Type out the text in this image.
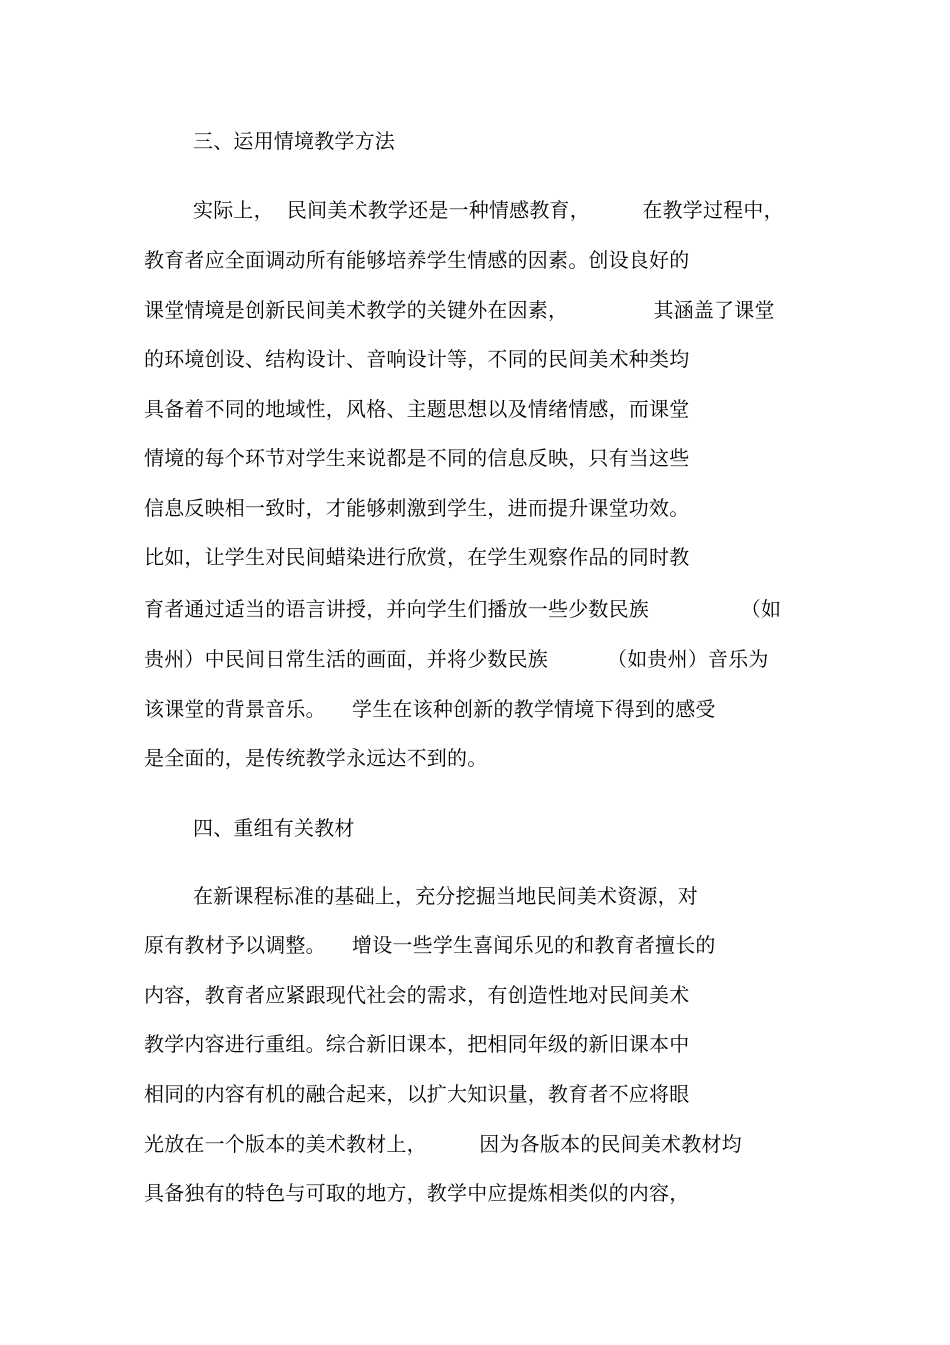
三、运用情境教学方法
实际上，  民间美术教学还是一种情感教育，        在教学过程中，
教育者应全面调动所有能够培养学生情感的因素。创设良好的
课堂情境是创新民间美术教学的关键外在因素，             其涵盖了课堂
的环境创设、结构设计、音响设计等，不同的民间美术种类均
具备着不同的地域性，风格、主题思想以及情绪情感，而课堂
情境的每个环节对学生来说都是不同的信息反映，只有当这些
信息反映相一致时，才能够刺激到学生，进而提升课堂功效。
比如，让学生对民间蜡染进行欣赏，在学生观察作品的同时教
育者通过适当的语言讲授，并向学生们播放一些少数民族              （如
贵州）中民间日常生活的画面，并将少数民族         （如贵州）音乐为
该课堂的背景音乐。    学生在该种创新的教学情境下得到的感受
是全面的，是传统教学永远达不到的。
四、重组有关教材
在新课程标准的基础上，充分挖掘当地民间美术资源，对
原有教材予以调整。    增设一些学生喜闻乐见的和教育者擅长的
内容，教育者应紧跟现代社会的需求，有创造性地对民间美术
教学内容进行重组。综合新旧课本，把相同年级的新旧课本中
相同的内容有机的融合起来，以扩大知识量，教育者不应将眼
光放在一个版本的美术教材上，        因为各版本的民间美术教材均
具备独有的特色与可取的地方，教学中应提炼相类似的内容，
